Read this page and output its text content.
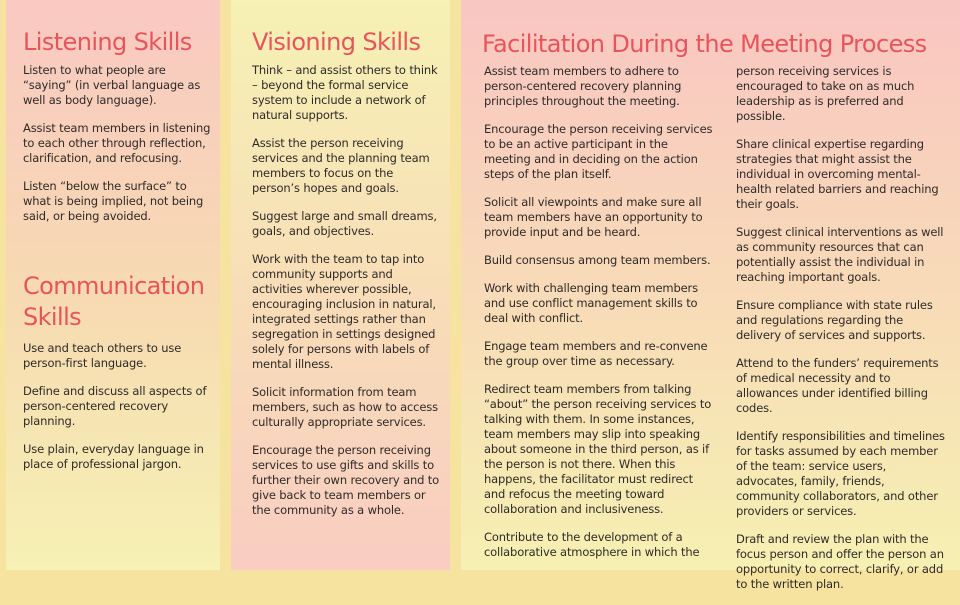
Listening Skills

Listen to what people are “saying” (in verbal language as well as body language).

Assist team members in listening to each other through reflection, clarification, and refocusing.

Listen “below the surface” to what is being implied, not being said, or being avoided.

Communication
Skills

Use and teach others to use person-first language.

Define and discuss all aspects of person-centered recovery planning.

Use plain, everyday language in place of professional jargon.

Visioning Skills

Think – and assist others to think – beyond the formal service system to include a network of natural supports.

Assist the person receiving services and the planning team members to focus on the person’s hopes and goals.

Suggest large and small dreams, goals, and objectives.

Work with the team to tap into community supports and activities wherever possible, encouraging inclusion in natural, integrated settings rather than segregation in settings designed solely for persons with labels of mental illness.

Solicit information from team members, such as how to access culturally appropriate services.

Encourage the person receiving services to use gifts and skills to further their own recovery and to give back to team members or the community as a whole.

Facilitation During the Meeting Process

Assist team members to adhere to person-centered recovery planning principles throughout the meeting.

Encourage the person receiving services to be an active participant in the meeting and in deciding on the action steps of the plan itself.

Solicit all viewpoints and make sure all team members have an opportunity to provide input and be heard.

Build consensus among team members.

Work with challenging team members and use conflict management skills to deal with conflict.

Engage team members and re-convene the group over time as necessary.

Redirect team members from talking “about” the person receiving services to talking with them. In some instances, team members may slip into speaking about someone in the third person, as if the person is not there. When this happens, the facilitator must redirect and refocus the meeting toward collaboration and inclusiveness.

Contribute to the development of a collaborative atmosphere in which the

person receiving services is encouraged to take on as much leadership as is preferred and possible.

Share clinical expertise regarding strategies that might assist the individual in overcoming mental-health related barriers and reaching their goals.

Suggest clinical interventions as well as community resources that can potentially assist the individual in reaching important goals.

Ensure compliance with state rules and regulations regarding the delivery of services and supports.

Attend to the funders’ requirements of medical necessity and to allowances under identified billing codes.

Identify responsibilities and timelines for tasks assumed by each member of the team: service users, advocates, family, friends, community collaborators, and other providers or services.

Draft and review the plan with the focus person and offer the person an opportunity to correct, clarify, or add to the written plan.
